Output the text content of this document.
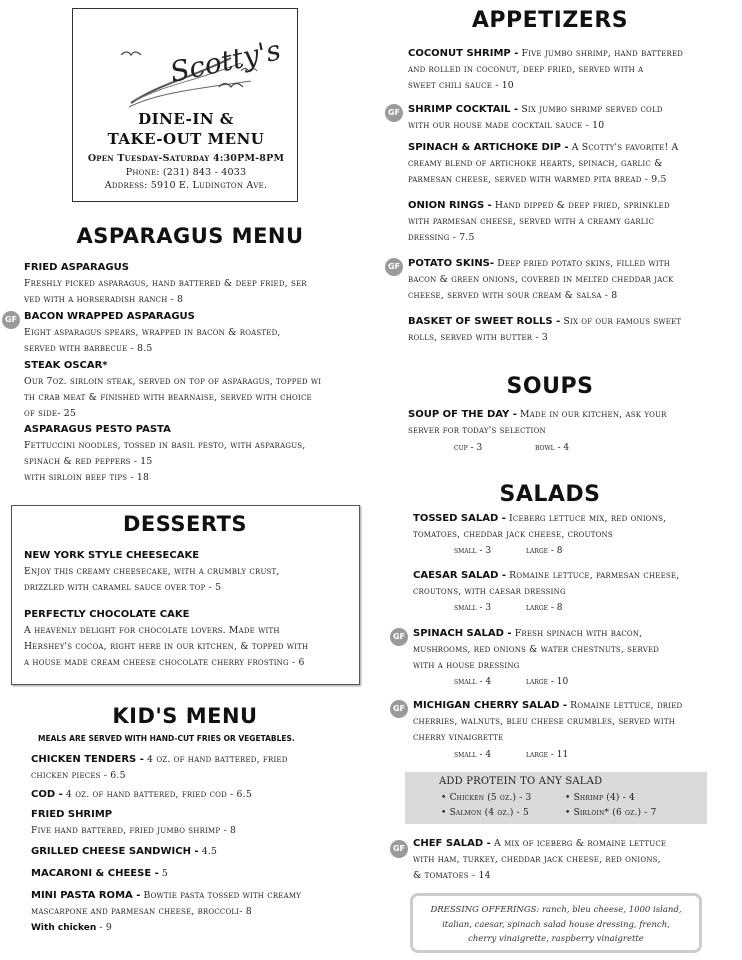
Scotty's
DINE-IN &
TAKE-OUT MENU
Open Tuesday-Saturday 4:30PM-8PM
Phone: (231) 843 - 4033
Address: 5910 E. Ludington Ave.
ASPARAGUS MENU
FRIED ASPARAGUS
Freshly picked asparagus, hand battered & deep fried, ser
ved with a horseradish ranch - 8
GF BACON WRAPPED ASPARAGUS
Eight asparagus spears, wrapped in bacon & roasted,
served with barbecue - 8.5
STEAK OSCAR*
Our 7oz. sirloin steak, served on top of asparagus, topped wi
th crab meat & finished with bearnaise, served with choice
of side- 25
ASPARAGUS PESTO PASTA
Fettuccini noodles, tossed in basil pesto, with asparagus,
spinach & red peppers - 15
with sirloin beef tips - 18
DESSERTS
NEW YORK STYLE CHEESECAKE
Enjoy this creamy cheesecake, with a crumbly crust,
drizzled with caramel sauce over top - 5
PERFECTLY CHOCOLATE CAKE
A heavenly delight for chocolate lovers. Made with
Hershey's cocoa, right here in our kitchen, & topped with
a house made cream cheese chocolate cherry frosting - 6
KID'S MENU
MEALS ARE SERVED WITH HAND-CUT FRIES OR VEGETABLES.
CHICKEN TENDERS - 4 oz. of hand battered, fried
chicken pieces - 6.5
COD - 4 oz. of hand battered, fried cod - 6.5
FRIED SHRIMP
Five hand battered, fried jumbo shrimp - 8
GRILLED CHEESE SANDWICH - 4.5
MACARONI & CHEESE - 5
MINI PASTA ROMA - Bowtie pasta tossed with creamy
mascarpone and parmesan cheese, broccoli- 8
With chicken - 9
APPETIZERS
COCONUT SHRIMP - Five jumbo shrimp, hand battered
and rolled in coconut, deep fried, served with a
sweet chili sauce - 10
GF SHRIMP COCKTAIL - Six jumbo shrimp served cold
with our house made cocktail sauce - 10
SPINACH & ARTICHOKE DIP - A Scotty's favorite! A
creamy blend of artichoke hearts, spinach, garlic &
parmesan cheese, served with warmed pita bread - 9.5
ONION RINGS - Hand dipped & deep fried, sprinkled
with parmesan cheese, served with a creamy garlic
dressing - 7.5
GF POTATO SKINS- Deep fried potato skins, filled with
bacon & green onions, covered in melted cheddar jack
cheese, served with sour cream & salsa - 8
BASKET OF SWEET ROLLS - Six of our famous sweet
rolls, served with butter - 3
SOUPS
SOUP OF THE DAY - Made in our kitchen, ask your
server for today's selection
cup - 3	bowl - 4
SALADS
TOSSED SALAD - Iceberg lettuce mix, red onions,
tomatoes, cheddar jack cheese, croutons
small - 3	large - 8
CAESAR SALAD - Romaine lettuce, parmesan cheese,
croutons, with caesar dressing
small - 3	large - 8
GF SPINACH SALAD - Fresh spinach with bacon,
mushrooms, red onions & water chestnuts, served
with a house dressing
small - 4	large - 10
GF MICHIGAN CHERRY SALAD - Romaine lettuce, dried
cherries, walnuts, bleu cheese crumbles, served with
cherry vinaigrette
small - 4	large - 11
ADD PROTEIN TO ANY SALAD
• Chicken (5 oz.) - 3	• Shrimp (4) - 4
• Salmon (4 oz.) - 5	• Sirloin* (6 oz.) - 7
GF CHEF SALAD - A mix of iceberg & romaine lettuce
with ham, turkey, cheddar jack cheese, red onions,
& tomatoes - 14
DRESSING OFFERINGS: ranch, bleu cheese, 1000 island,
italian, caesar, spinach salad house dressing, french,
cherry vinaigrette, raspberry vinaigrette
